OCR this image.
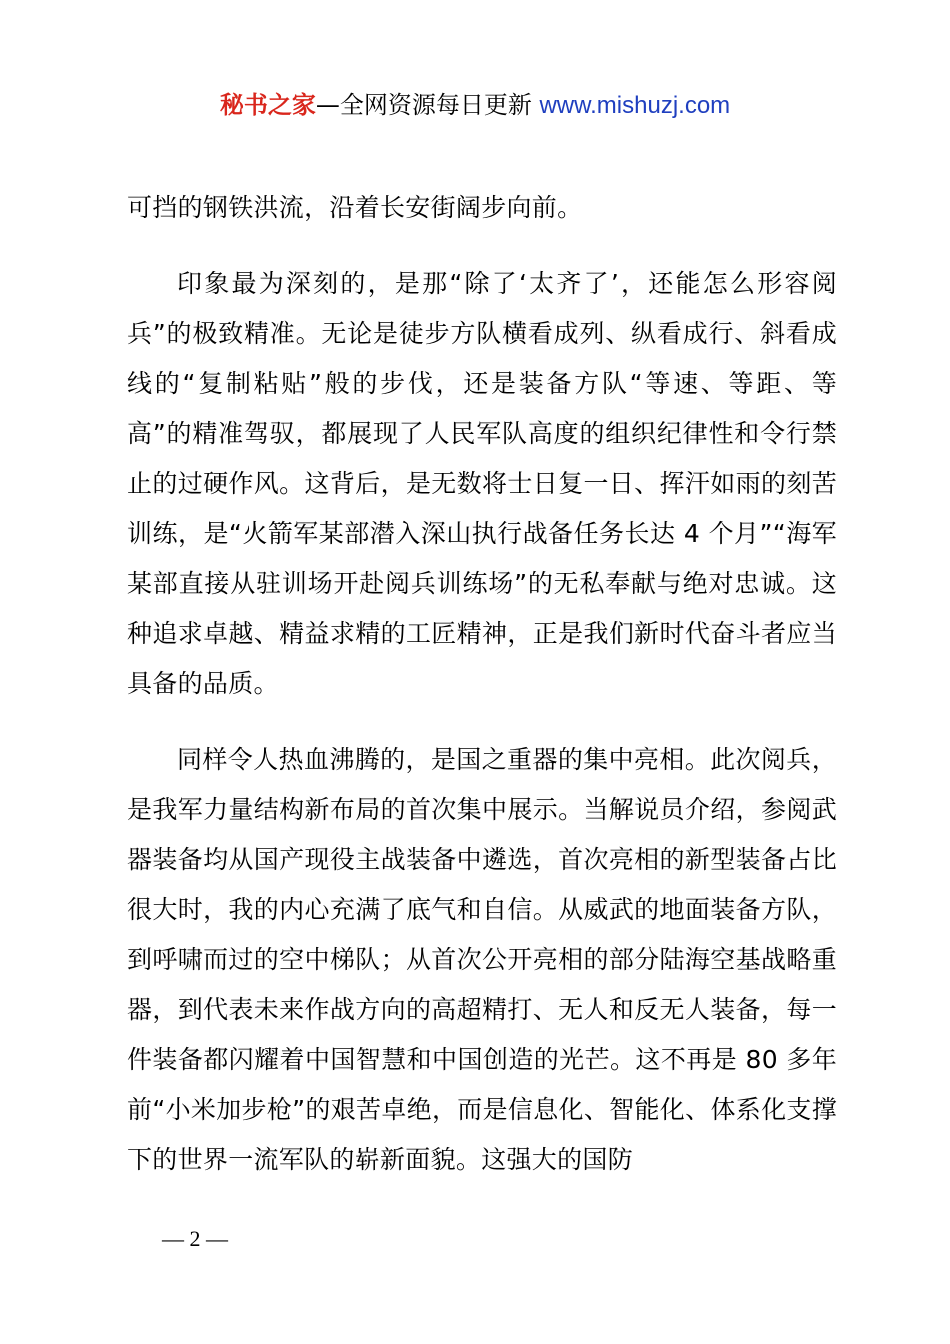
秘书之家—全网资源每日更新 www.mishuzj.com

可挡的钢铁洪流，沿着长安街阔步向前。

印象最为深刻的，是那“除了‘太齐了’，还能怎么形容阅兵”的极致精准。无论是徒步方队横看成列、纵看成行、斜看成线的“复制粘贴”般的步伐，还是装备方队“等速、等距、等高”的精准驾驭，都展现了人民军队高度的组织纪律性和令行禁止的过硬作风。这背后，是无数将士日复一日、挥汗如雨的刻苦训练，是“火箭军某部潜入深山执行战备任务长达 4 个月”“海军某部直接从驻训场开赴阅兵训练场”的无私奉献与绝对忠诚。这种追求卓越、精益求精的工匠精神，正是我们新时代奋斗者应当具备的品质。

同样令人热血沸腾的，是国之重器的集中亮相。此次阅兵，是我军力量结构新布局的首次集中展示。当解说员介绍，参阅武器装备均从国产现役主战装备中遴选，首次亮相的新型装备占比很大时，我的内心充满了底气和自信。从威武的地面装备方队，到呼啸而过的空中梯队；从首次公开亮相的部分陆海空基战略重器，到代表未来作战方向的高超精打、无人和反无人装备，每一件装备都闪耀着中国智慧和中国创造的光芒。这不再是 80 多年前“小米加步枪”的艰苦卓绝，而是信息化、智能化、体系化支撑下的世界一流军队的崭新面貌。这强大的国防

— 2 —
